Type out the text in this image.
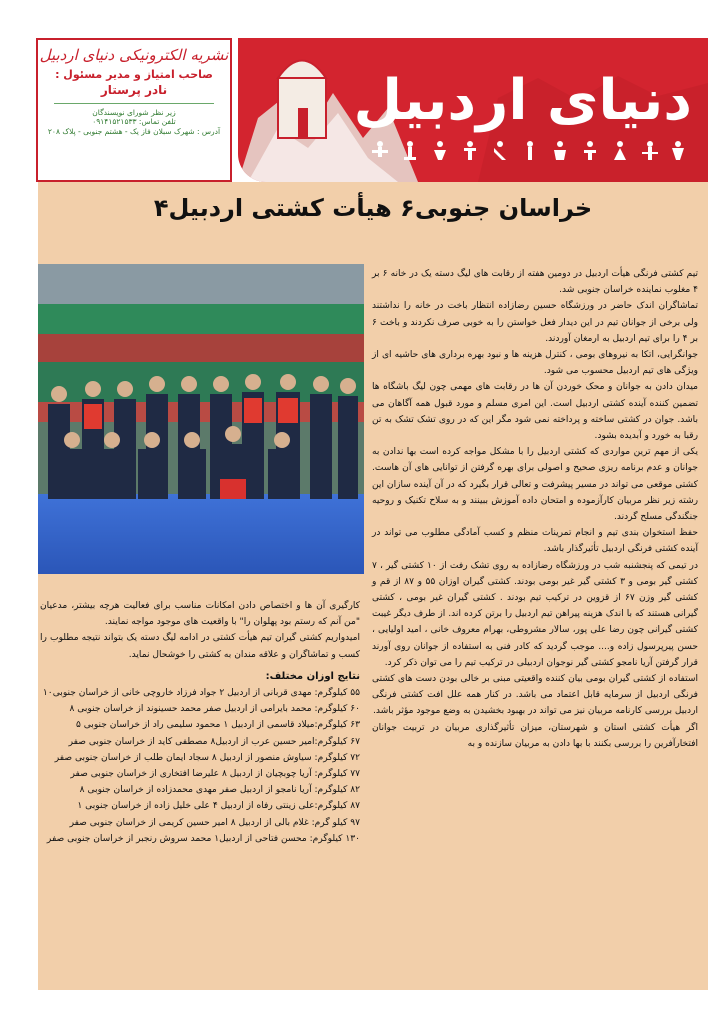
نشریه الکترونیکی دنیای اردبیل
صاحب امتیاز و مدیر مسئول :
نادر پرستار
زیر نظر شورای نویسندگان
تلفن تماس: ۰۹۱۴۱۵۲۱۵۳۳
آدرس : شهرک سبلان فاز یک - هشتم جنوبی - پلاک ۲۰۸ دنیای اردبیل
خراسان جنوبی۶ هیأت کشتی اردبیل۴

تیم کشتی فرنگی هیأت اردبیل در دومین هفته از رقابت های لیگ دسته یک در خانه ۶ بر ۴ مغلوب نماینده خراسان جنوبی شد.

تماشاگران اندک حاضر در ورزشگاه حسین رضازاده انتظار باخت در خانه را نداشتند ولی برخی از جوانان تیم در این دیدار فعل خواستن را به خوبی صرف نکردند و باخت ۶ بر ۴ را برای تیم اردبیل به ارمغان آوردند.

جوانگرایی، اتکا به نیروهای بومی ، کنترل هزینه ها و نبود بهره برداری های حاشیه ای از ویژگی های تیم اردبیل محسوب می شود.

میدان دادن به جوانان و محک خوردن آن ها در رقابت های مهمی چون لیگ باشگاه ها تضمین کننده آینده کشتی اردبیل است. این امری مسلم و مورد قبول همه آگاهان می باشد. جوان در کشتی ساخته و پرداخته نمی شود مگر این که در روی تشک تشک به تن رقبا به خورد و آبدیده بشود.

یکی از مهم ترین مواردی که کشتی اردبیل را با مشکل مواجه کرده است بها ندادن به جوانان و عدم برنامه ریزی صحیح و اصولی برای بهره گرفتن از توانایی های آن هاست. کشتی موقعی می تواند در مسیر پیشرفت و تعالی قرار بگیرد که در آن آینده سازان این رشته زیر نظر مربیان کارآزموده و امتحان داده آموزش ببینند و به سلاح تکنیک و روحیه جنگندگی مسلح گردند.

حفظ استخوان بندی تیم و انجام تمرینات منظم و کسب آمادگی مطلوب می تواند در آینده کشتی فرنگی اردبیل تأثیرگذار باشد.

در تیمی که پنجشنبه شب در ورزشگاه رضازاده به روی تشک رفت از ۱۰ کشتی گیر ، ۷ کشتی گیر بومی و ۳ کشتی گیر غیر بومی بودند. کشتی گیران اوزان ۵۵ و ۸۷ از قم و کشتی گیر وزن ۶۷ از قزوین در ترکیب تیم بودند . کشتی گیران غیر بومی ، کشتی گیرانی هستند که با اندک هزینه پیراهن تیم اردبیل را برتن کرده اند. از طرف دیگر غیبت کشتی گیرانی چون رضا علی پور، سالار مشروطی، بهرام معروف خانی ، امید اولیایی ، حسن پیرپرسول زاده و.... موجب گردید که کادر فنی به استفاده از جوانان روی آورند قرار گرفتن آریا نامجو کشتی گیر نوجوان اردبیلی در ترکیب تیم را می توان ذکر کرد.

استفاده از کشتی گیران بومی بیان کننده واقعیتی مبنی بر خالی بودن دست های کشتی فرنگی اردبیل از سرمایه قابل اعتماد می باشد. در کنار همه علل افت کشتی فرنگی اردبیل بررسی کارنامه مربیان نیز می تواند در بهبود بخشیدن به وضع موجود مؤثر باشد.

اگر هیأت کشتی استان و شهرستان، میزان تأثیرگذاری مربیان در تربیت جوانان افتخارآفرین را بررسی بکنند با بها دادن به مربیان سازنده و به

کارگیری آن ها و اختصاص دادن امکانات مناسب برای فعالیت هرچه بیشتر، مدعیان "من آنم که رستم بود پهلوان را" با واقعیت های موجود مواجه نمایند.

امیدواریم کشتی گیران تیم هیأت کشتی در ادامه لیگ دسته یک بتواند نتیجه مطلوب را کسب و تماشاگران و علاقه مندان به کشتی را خوشحال نماید.

نتایج اوزان مختلف:

۵۵ کیلوگرم: مهدی قربانی از اردبیل ۲ جواد فرزاد خاروچی خانی از خراسان جنوبی۱۰

۶۰ کیلوگرم: محمد بایرامی از اردبیل صفر محمد حسینوند از خراسان جنوبی ۸

۶۳ کیلوگرم:میلاد قاسمی از اردبیل ۱ محمود سلیمی راد از خراسان جنوبی ۵

۶۷ کیلوگرم:امیر حسین عرب از اردبیل۸ مصطفی کاید از خراسان جنوبی صفر

۷۲ کیلوگرم: سیاوش منصور از اردبیل ۸ سجاد ایمان طلب از خراسان جنوبی صفر

۷۷ کیلوگرم: آریا چوبچیان از اردبیل ۸ علیرضا افتخاری از خراسان جنوبی صفر

۸۲ کیلوگرم: آریا نامجو از اردبیل صفر مهدی محمدزاده از خراسان جنوبی ۸

۸۷ کیلوگرم:علی زینتی رفاه از اردبیل ۴ علی خلیل زاده از خراسان جنوبی ۱

۹۷ کیلو گرم: غلام بالی از اردبیل ۸ امیر حسین کریمی از خراسان جنوبی صفر

۱۳۰ کیلوگرم: محسن فتاحی از اردبیل۱ محمد سروش رنجبر از خراسان جنوبی صفر
